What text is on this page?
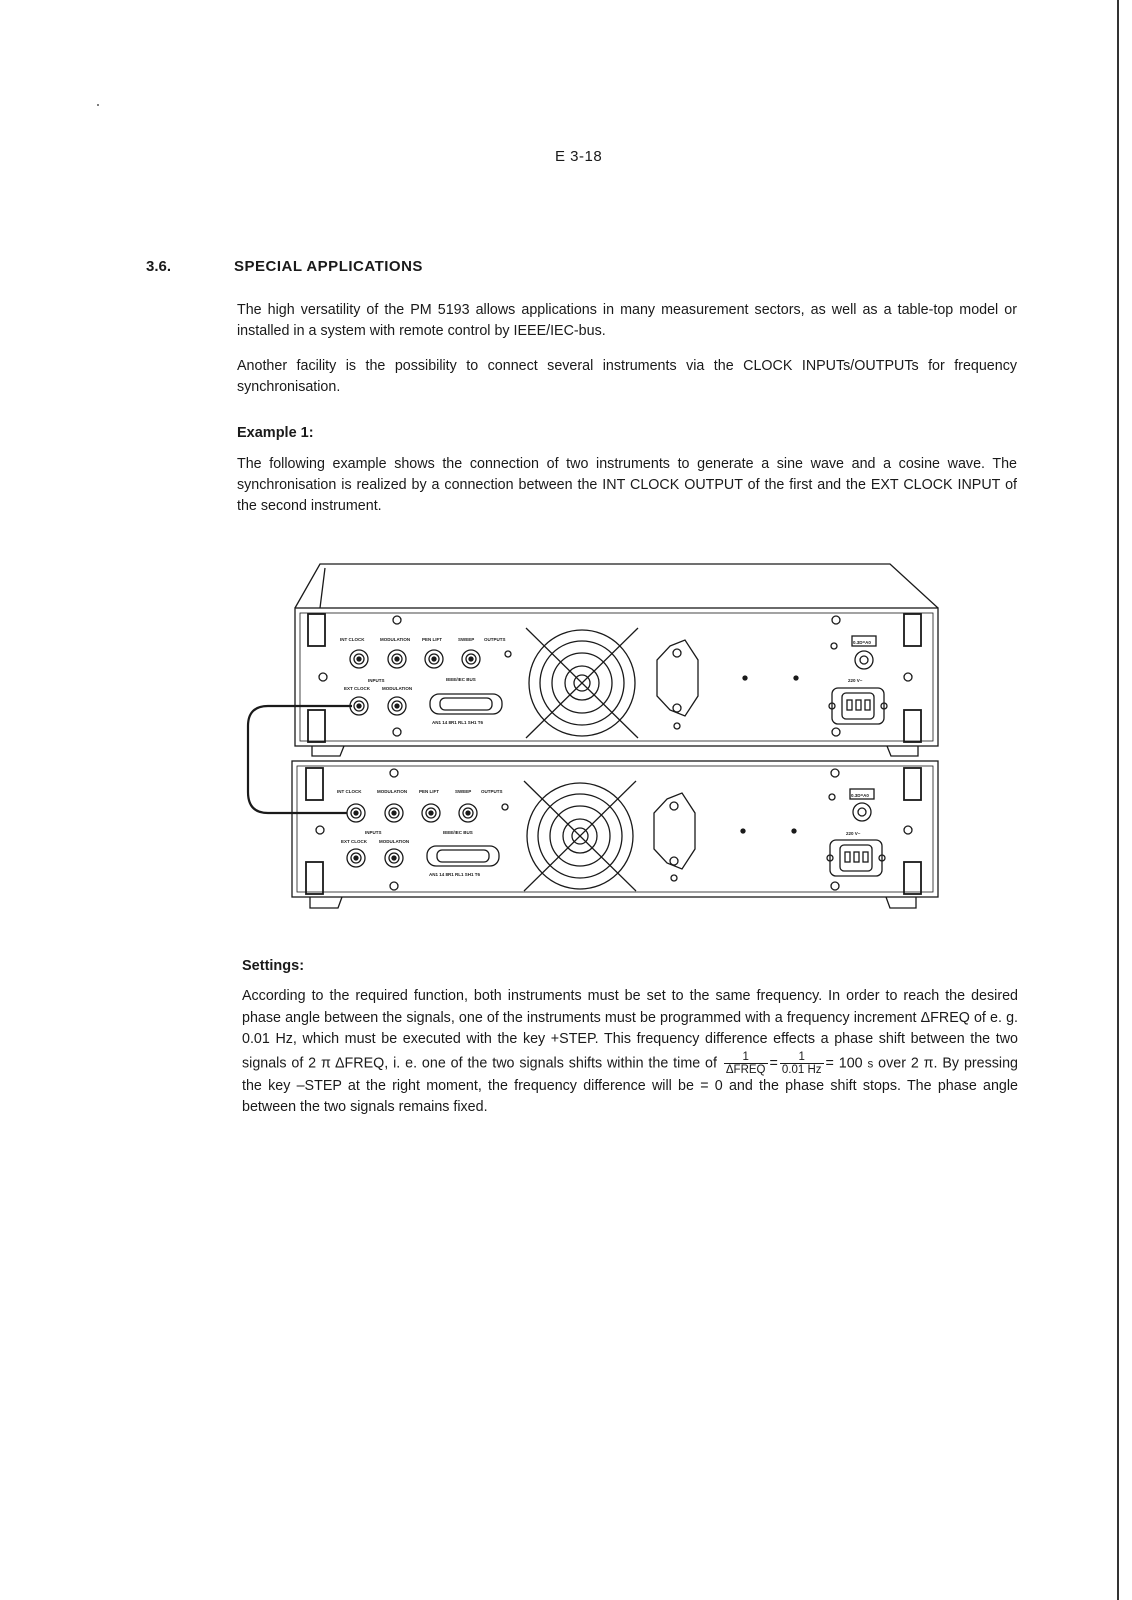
E 3-18
3.6.	SPECIAL APPLICATIONS

The high versatility of the PM 5193 allows applications in many measurement sectors, as well as a table-top model or installed in a system with remote control by IEEE/IEC-bus.

Another facility is the possibility to connect several instruments via the CLOCK INPUTs/OUTPUTs for frequency synchronisation.

Example 1:

The following example shows the connection of two instruments to generate a sine wave and a cosine wave. The synchronisation is realized by a connection between the INT CLOCK OUTPUT of the first and the EXT CLOCK INPUT of the second instrument.

INT CLOCK	MODULATION	PEN LIFT	SWEEP OUTPUTS
INPUTS
EXT CLOCK	MODULATION
IEEE/IEC BUS
AN1 14 8R1 RL1 SH1 T6
0.3D=A0
220 V~
INT CLOCK	MODULATION	PEN LIFT	SWEEP OUTPUTS
INPUTS
EXT CLOCK	MODULATION
IEEE/IEC BUS
AN1 14 8R1 RL1 SH1 T6
0.3D=A0
220 V~
Settings:

According to the required function, both instruments must be set to the same frequency. In order to reach the desired phase angle between the signals, one of the instruments must be programmed with a frequency increment ΔFREQ of e. g. 0.01 Hz, which must be executed with the key +STEP. This frequency difference effects a phase shift between the two signals of 2 π ΔFREQ, i. e. one of the two signals shifts within the time of $\frac{1}{\text{ΔFREQ}} = \frac{1}{0.01 Hz} = 100$ s over 2 π. By pressing the key –STEP at the right moment, the frequency difference will be = 0 and the phase shift stops. The phase angle between the two signals remains fixed.
